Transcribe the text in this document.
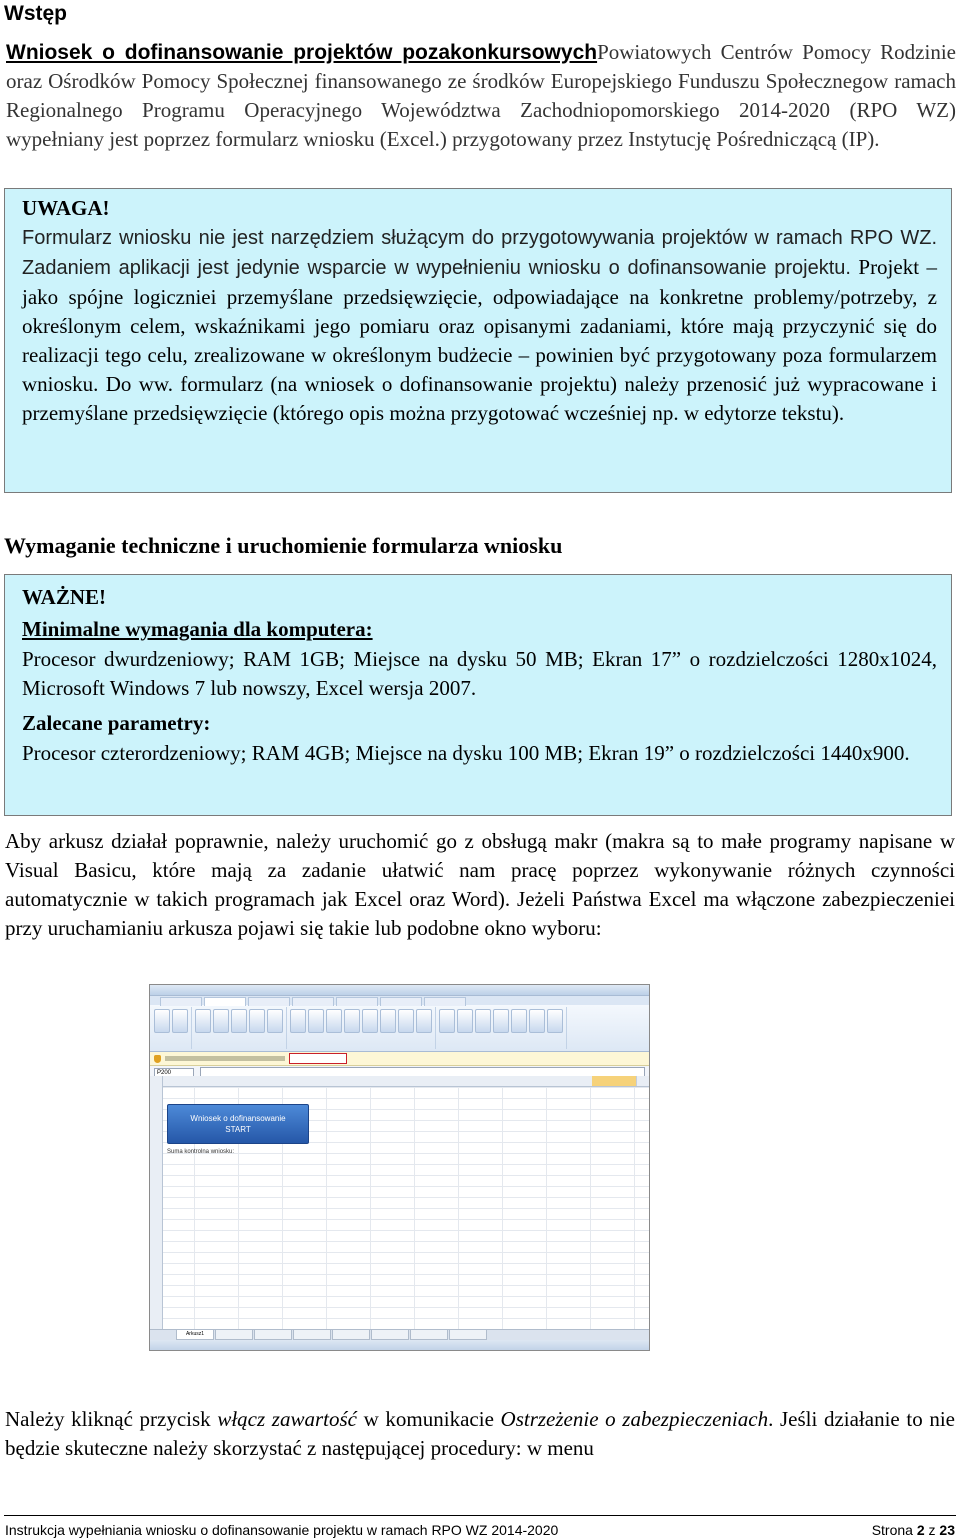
Wstęp

Wniosek o dofinansowanie projektów pozakonkursowychPowiatowych Centrów Pomocy Rodzinie oraz Ośrodków Pomocy Społecznej finansowanego ze środków Europejskiego Funduszu Społecznegow ramach Regionalnego Programu Operacyjnego Województwa Zachodniopomorskiego 2014-2020 (RPO WZ) wypełniany jest poprzez formularz wniosku (Excel.) przygotowany przez Instytucję Pośredniczącą (IP).

UWAGA!

Formularz wniosku nie jest narzędziem służącym do przygotowywania projektów w ramach RPO WZ. Zadaniem aplikacji jest jedynie wsparcie w wypełnieniu wniosku o dofinansowanie projektu. Projekt – jako spójne logiczniei przemyślane przedsięwzięcie, odpowiadające na konkretne problemy/potrzeby, z określonym celem, wskaźnikami jego pomiaru oraz opisanymi zadaniami, które mają przyczynić się do realizacji tego celu, zrealizowane w określonym budżecie – powinien być przygotowany poza formularzem wniosku. Do ww. formularz (na wniosek o dofinansowanie projektu) należy przenosić już wypracowane i przemyślane przedsięwzięcie (którego opis można przygotować wcześniej np. w edytorze tekstu).

Wymaganie techniczne i uruchomienie formularza wniosku

WAŻNE!

Minimalne wymagania dla komputera:

Procesor dwurdzeniowy; RAM 1GB; Miejsce na dysku 50 MB; Ekran 17” o rozdzielczości 1280x1024, Microsoft Windows 7 lub nowszy, Excel wersja 2007.

Zalecane parametry:

Procesor czterordzeniowy; RAM 4GB; Miejsce na dysku 100 MB; Ekran 19” o rozdzielczości 1440x900.

Aby arkusz działał poprawnie, należy uruchomić go z obsługą makr (makra są to małe programy napisane w Visual Basicu, które mają za zadanie ułatwić nam pracę poprzez wykonywanie różnych czynności automatycznie w takich programach jak Excel oraz Word). Jeżeli Państwa Excel ma włączone zabezpieczeniei przy uruchamianiu arkusza pojawi się takie lub podobne okno wyboru:

P200
Wniosek o dofinansowanie
START
Suma kontrolna wniosku:
Arkusz1

Należy kliknąć przycisk włącz zawartość w komunikacie Ostrzeżenie o zabezpieczeniach. Jeśli działanie to nie będzie skuteczne należy skorzystać z następującej procedury: w menu

Instrukcja wypełniania wniosku o dofinansowanie projektu w ramach RPO WZ 2014-2020	Strona 2 z 23
